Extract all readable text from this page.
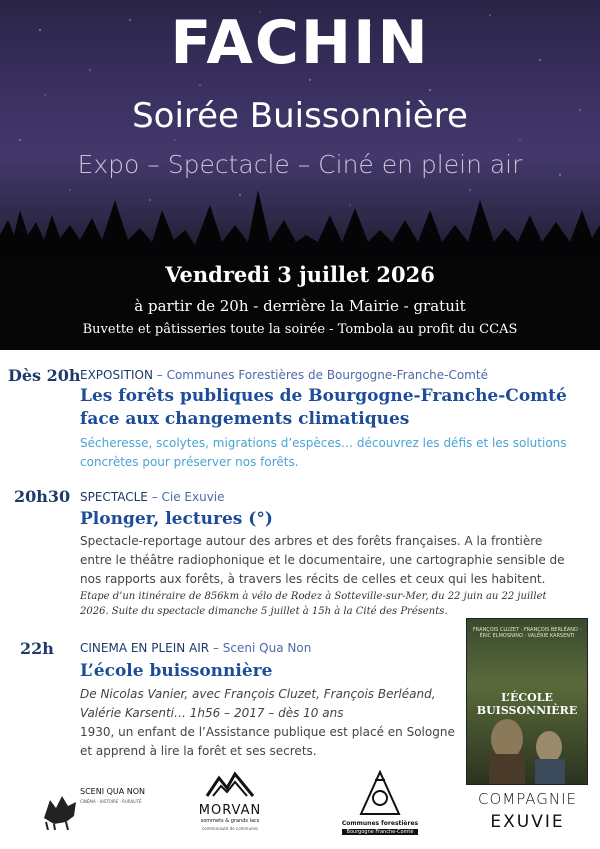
FACHIN
Soirée Buissonnière
Expo – Spectacle – Ciné en plein air
Vendredi 3 juillet 2026
à partir de 20h - derrière la Mairie - gratuit
Buvette et pâtisseries toute la soirée - Tombola au profit du CCAS
Dès 20h EXPOSITION – Communes Forestières de Bourgogne-Franche-Comté
Les forêts publiques de Bourgogne-Franche-Comté
face aux changements climatiques
Sécheresse, scolytes, migrations d’espèces… découvrez les défis et les solutions
concrètes pour préserver nos forêts.
20h30 SPECTACLE – Cie Exuvie
Plonger, lectures (°)
Spectacle-reportage autour des arbres et des forêts françaises. A la frontière
entre le théâtre radiophonique et le documentaire, une cartographie sensible de
nos rapports aux forêts, à travers les récits de celles et ceux qui les habitent.
Etape d’un itinéraire de 856km à vélo de Rodez à Sotteville-sur-Mer, du 22 juin au 22 juillet
2026. Suite du spectacle dimanche 5 juillet à 15h à la Cité des Présents.
22h CINEMA EN PLEIN AIR – Sceni Qua Non
L’école buissonnière
De Nicolas Vanier, avec François Cluzet, François Berléand,
Valérie Karsenti… 1h56 – 2017 – dès 10 ans
1930, un enfant de l’Assistance publique est placé en Sologne
et apprend à lire la forêt et ses secrets.
FRANÇOIS CLUZET · FRANÇOIS BERLÉAND · ÉRIC ELMOSNINO · VALÉRIE KARSENTI
L’ÉCOLE BUISSONNIÈRE
SCENI QUA NON
CINÉMA · HISTOIRE · RURALITÉ
MORVAN
sommets & grands lacs
communauté de communes
Communes forestières
Bourgogne Franche-Comté
COMPAGNIE
EXUVIE
